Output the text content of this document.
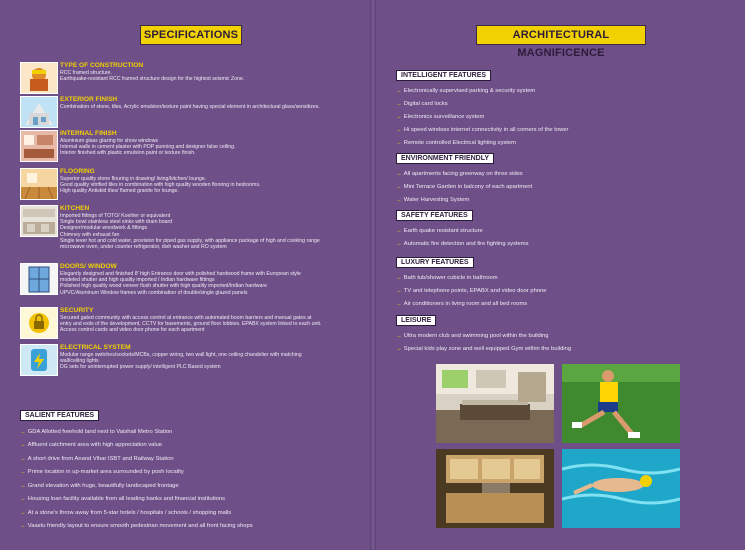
SPECIFICATIONS
TYPE OF CONSTRUCTION
RCC framed structure.
Earthquake-resistant RCC framed structure design for the highest seismic Zone.
EXTERIOR FINISH
Combination of stone, tiles, Acrylic emulsion/texture paint having special element in architectural glass/sensitizes.
INTERNAL FINISH
Aluminium glass glazing for show windows
Internal walls in cement plaster with POP punning and designer false ceiling.
Interior finished with plastic emulsion paint or texture finish.
FLOORING
Superior quality stone flouring in drawing/ living/kitchen/ lounge.
Good quality vitrified tiles in combination with high quality wooden flooring in bedrooms.
High quality Antiskid tiles/ flamed granite for lounge.
KITCHEN
Imported fittings of TOTO/ Koehler or equivalent
Single bowl stainless steel sinks with drain board
Designer/modular woodwork & fittings
Chimney with exhaust fan
Single lever hot and cold water, provision for piped gas supply, with appliance package of high and cooking range
microwave oven, under counter refrigerator, dish washer and RO system
DOORS/ WINDOW
Elegantly designed and finished 8' high Entrance door with polished hardwood frame with European style
modeled shutter and high quality imported / Indian hardware fittings
Polished high quality wood veneer flush shutter with high quality imported/Indian hardware
UPVC/Aluminum Window frames with combination of double/single glazed panels
SECURITY
Secured gated community with access control at entrance with automated boom barriers and manual gates at
entry and exits of the development, CCTV for basements, ground floor lobbies. EPABX system linked to each unit.
Access control cards and video door phone for each apartment
ELECTRICAL SYSTEM
Modular range switches/sockets/MCBs, copper wiring, two wall light, one ceiling chandelier with matching
wall/ceiling lights
DG sets for uninterrupted power supply/ intelligent PLC Based system
SALIENT FEATURES
→ GDA Allotted freehold land next to Vaishali Metro Station
→ Affluent catchment area with high appreciation value
→ A short drive from Anand Vihar ISBT and Railway Station
→ Prime location in up-market area surrounded by posh locality
→ Grand elevation with huge, beautifully landscaped frontage
→ Housing loan facility available from all leading banks and financial institutions
→ At a stone's throw away from 5-star hotels / hospitals / schools / shopping malls
→ Vaastu friendly layout to ensure smooth pedestrian movement and all front facing shops
ARCHITECTURAL MAGNIFICENCE
INTELLIGENT FEATURES
→ Electronically supervised parking & security system
→ Digital card locks
→ Electronics surveillance system
→ Hi speed wireless internet connectivity in all corners of the tower
→ Remote controlled Electrical lighting system
ENVIRONMENT FRIENDLY
→ All apartments facing greenway on three sides
→ Mini Terrace Garden in balcony of each apartment
→ Water Harvesting System
SAFETY FEATURES
→ Earth quake resistant structure
→ Automatic fire detection and fire fighting systems
LUXURY FEATURES
→ Bath tub/shower cubicle in bathroom
→ TV and telephone points, EPABX and video door phone
→ Air conditioners in living room and all bed rooms
LEISURE
→ Ultra modern club and swimming pool within the building
→ Special kids play zone and well equipped Gym within the building
